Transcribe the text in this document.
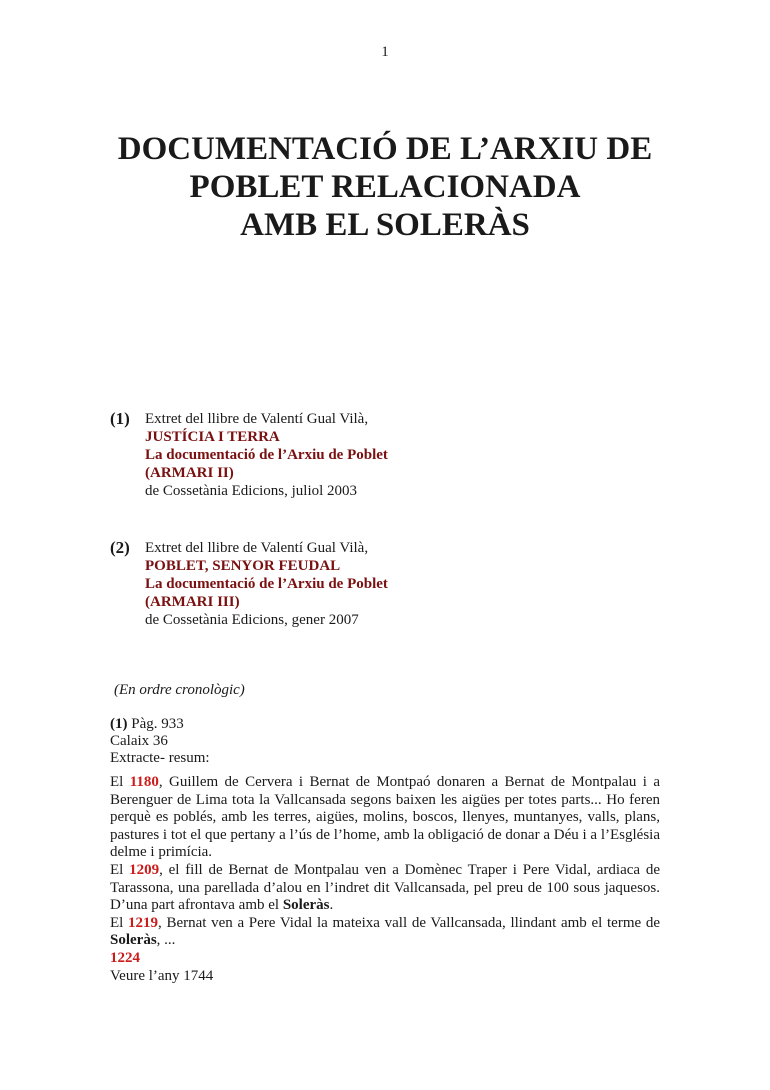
1
DOCUMENTACIÓ DE L’ARXIU DE
POBLET RELACIONADA
AMB EL SOLERÀS
(1) Extret del llibre de Valentí Gual Vilà,
JUSTÍCIA I TERRA
La documentació de l’Arxiu de Poblet
(ARMARI II)
de Cossetània Edicions, juliol 2003
(2) Extret del llibre de Valentí Gual Vilà,
POBLET, SENYOR FEUDAL
La documentació de l’Arxiu de Poblet
(ARMARI III)
de Cossetània Edicions, gener 2007
(En ordre cronològic)
(1) Pàg. 933
Calaix 36
Extracte- resum:

El 1180, Guillem de Cervera i Bernat de Montpaó donaren a Bernat de Montpalau i a Berenguer de Lima tota la Vallcansada segons baixen les aigües per totes parts... Ho feren perquè es poblés, amb les terres, aigües, molins, boscos, llenyes, muntanyes, valls, plans, pastures i tot el que pertany a l’ús de l’home, amb la obligació de donar a Déu i a l’Església delme i primícia.

El 1209, el fill de Bernat de Montpalau ven a Domènec Traper i Pere Vidal, ardiaca de Tarassona, una parellada d’alou en l’indret dit Vallcansada, pel preu de 100 sous jaquesos. D’una part afrontava amb el Soleràs.

El 1219, Bernat ven a Pere Vidal la mateixa vall de Vallcansada, llindant amb el terme de Soleràs, ...

1224

Veure l’any 1744
